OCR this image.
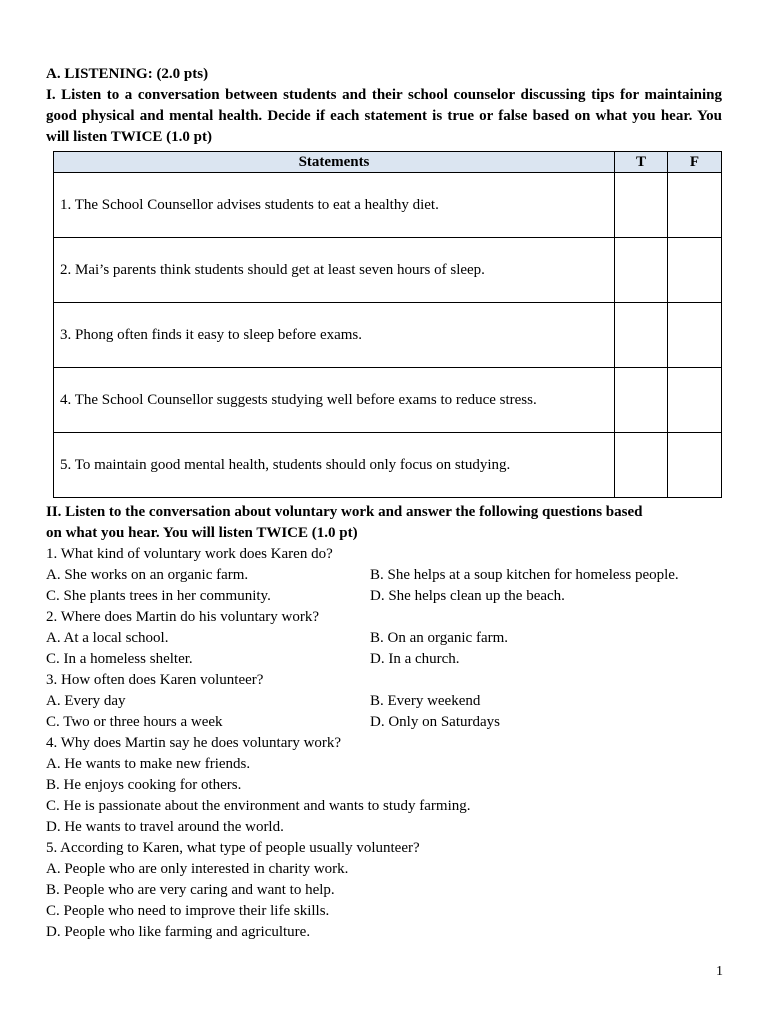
A. LISTENING: (2.0 pts)
I. Listen to a conversation between students and their school counselor discussing tips for maintaining good physical and mental health. Decide if each statement is true or false based on what you hear. You will listen TWICE (1.0 pt)
Statements	T	F
1. The School Counsellor advises students to eat a healthy diet.		
2. Mai’s parents think students should get at least seven hours of sleep.		
3. Phong often finds it easy to sleep before exams.		
4. The School Counsellor suggests studying well before exams to reduce stress.		
5. To maintain good mental health, students should only focus on studying.		
II. Listen to the conversation about voluntary work and answer the following questions based
on what you hear. You will listen TWICE (1.0 pt)
1. What kind of voluntary work does Karen do?
A. She works on an organic farm.	B. She helps at a soup kitchen for homeless people.
C. She plants trees in her community.	D. She helps clean up the beach.
2. Where does Martin do his voluntary work?
A. At a local school.	B. On an organic farm.
C. In a homeless shelter.	D. In a church.
3. How often does Karen volunteer?
A. Every day	B. Every weekend
C. Two or three hours a week	D. Only on Saturdays
4. Why does Martin say he does voluntary work?
A. He wants to make new friends.
B. He enjoys cooking for others.
C. He is passionate about the environment and wants to study farming.
D. He wants to travel around the world.
5. According to Karen, what type of people usually volunteer?
A. People who are only interested in charity work.
B. People who are very caring and want to help.
C. People who need to improve their life skills.
D. People who like farming and agriculture.
1
